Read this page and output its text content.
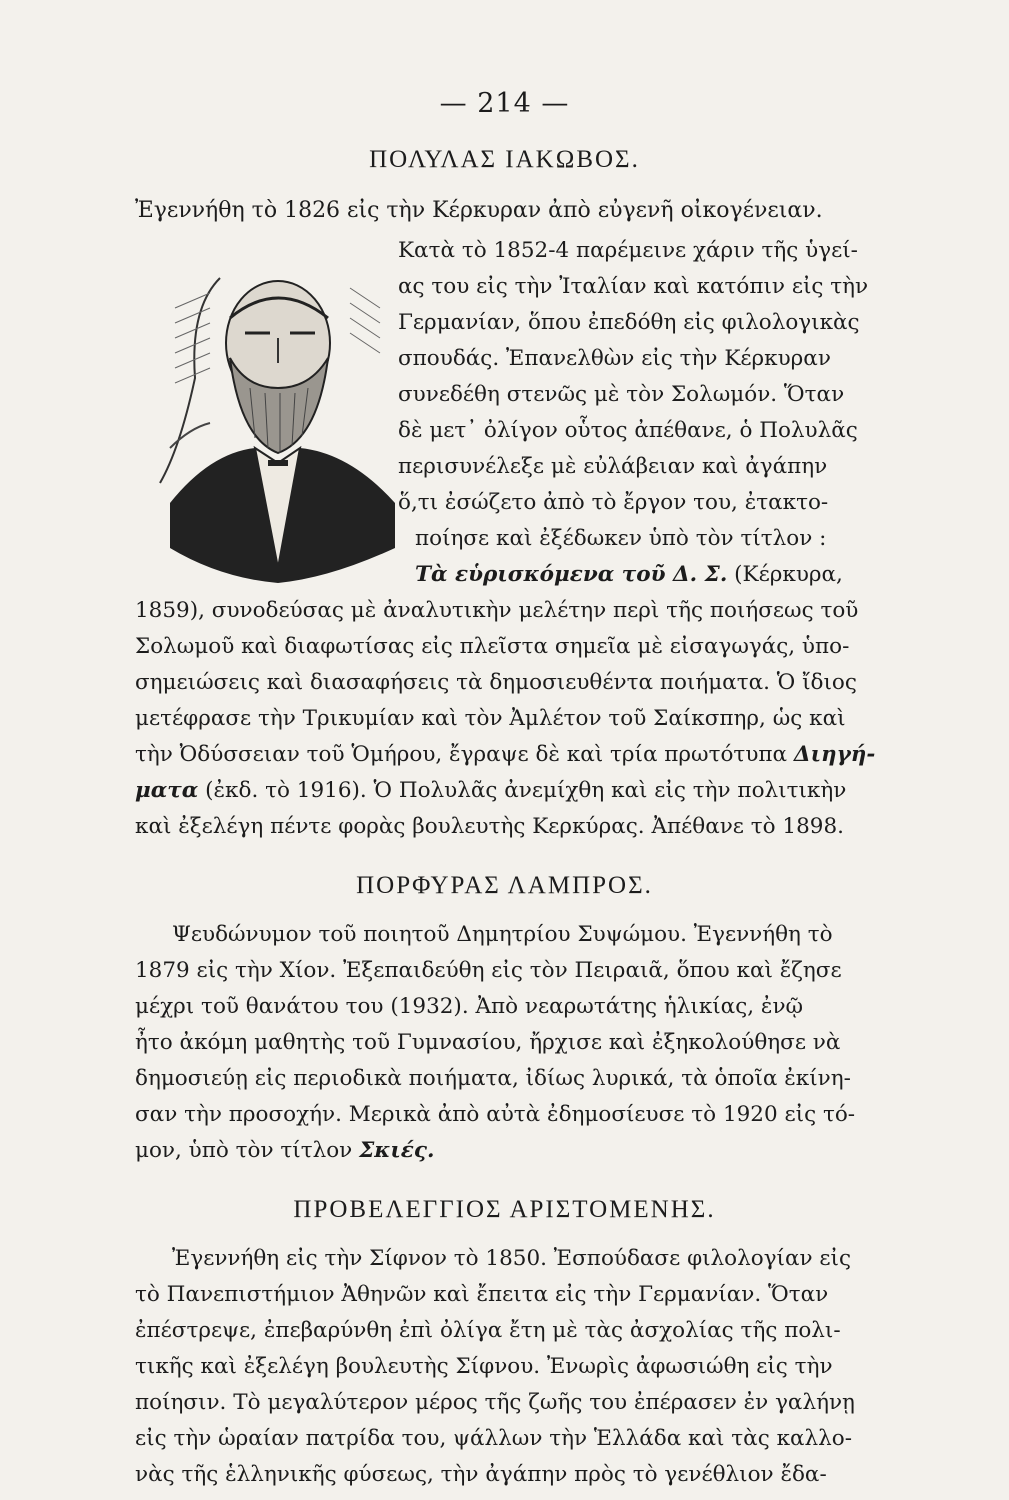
— 214 —
ΠΟΛΥΛΑΣ ΙΑΚΩΒΟΣ.
Ἐγεννήθη τὸ 1826 εἰς τὴν Κέρκυραν ἀπὸ εὐγενῆ οἰκογένειαν.
Κατὰ τὸ 1852-4 παρέμεινε χάριν τῆς ὑγεί-
ας του εἰς τὴν Ἰταλίαν καὶ κατόπιν εἰς τὴν
Γερμανίαν, ὅπου ἐπεδόθη εἰς φιλολογικὰς
σπουδάς. Ἐπανελθὼν εἰς τὴν Κέρκυραν
συνεδέθη στενῶς μὲ τὸν Σολωμόν. Ὅταν
δὲ μετ᾽ ὀλίγον οὗτος ἀπέθανε, ὁ Πολυλᾶς
περισυνέλεξε μὲ εὐλάβειαν καὶ ἀγάπην
ὅ,τι ἐσώζετο ἀπὸ τὸ ἔργον του, ἐτακτο-
ποίησε καὶ ἐξέδωκεν ὑπὸ τὸν τίτλον :
Τὰ εὑρισκόμενα τοῦ Δ. Σ. (Κέρκυρα,
1859), συνοδεύσας μὲ ἀναλυτικὴν μελέτην περὶ τῆς ποιήσεως τοῦ
Σολωμοῦ καὶ διαφωτίσας εἰς πλεῖστα σημεῖα μὲ εἰσαγωγάς, ὑπο-
σημειώσεις καὶ διασαφήσεις τὰ δημοσιευθέντα ποιήματα. Ὁ ἴδιος
μετέφρασε τὴν Τρικυμίαν καὶ τὸν Ἀμλέτον τοῦ Σαίκσπηρ, ὡς καὶ
τὴν Ὀδύσσειαν τοῦ Ὁμήρου, ἔγραψε δὲ καὶ τρία πρωτότυπα Διηγή-
ματα (ἐκδ. τὸ 1916). Ὁ Πολυλᾶς ἀνεμίχθη καὶ εἰς τὴν πολιτικὴν
καὶ ἐξελέγη πέντε φορὰς βουλευτὴς Κερκύρας. Ἀπέθανε τὸ 1898.
ΠΟΡΦΥΡΑΣ ΛΑΜΠΡΟΣ.
Ψευδώνυμον τοῦ ποιητοῦ Δημητρίου Συψώμου. Ἐγεννήθη τὸ
1879 εἰς τὴν Χίον. Ἐξεπαιδεύθη εἰς τὸν Πειραιᾶ, ὅπου καὶ ἔζησε
μέχρι τοῦ θανάτου του (1932). Ἀπὸ νεαρωτάτης ἡλικίας, ἐνῷ
ἦτο ἀκόμη μαθητὴς τοῦ Γυμνασίου, ἤρχισε καὶ ἐξηκολούθησε νὰ
δημοσιεύῃ εἰς περιοδικὰ ποιήματα, ἰδίως λυρικά, τὰ ὁποῖα ἐκίνη-
σαν τὴν προσοχήν. Μερικὰ ἀπὸ αὐτὰ ἐδημοσίευσε τὸ 1920 εἰς τό-
μον, ὑπὸ τὸν τίτλον Σκιές.
ΠΡΟΒΕΛΕΓΓΙΟΣ ΑΡΙΣΤΟΜΕΝΗΣ.
Ἐγεννήθη εἰς τὴν Σίφνον τὸ 1850. Ἐσπούδασε φιλολογίαν εἰς
τὸ Πανεπιστήμιον Ἀθηνῶν καὶ ἔπειτα εἰς τὴν Γερμανίαν. Ὅταν
ἐπέστρεψε, ἐπεβαρύνθη ἐπὶ ὀλίγα ἔτη μὲ τὰς ἀσχολίας τῆς πολι-
τικῆς καὶ ἐξελέγη βουλευτὴς Σίφνου. Ἐνωρὶς ἀφωσιώθη εἰς τὴν
ποίησιν. Τὸ μεγαλύτερον μέρος τῆς ζωῆς του ἐπέρασεν ἐν γαλήνῃ
εἰς τὴν ὡραίαν πατρίδα του, ψάλλων τὴν Ἑλλάδα καὶ τὰς καλλο-
νὰς τῆς ἑλληνικῆς φύσεως, τὴν ἀγάπην πρὸς τὸ γενέθλιον ἔδα-
